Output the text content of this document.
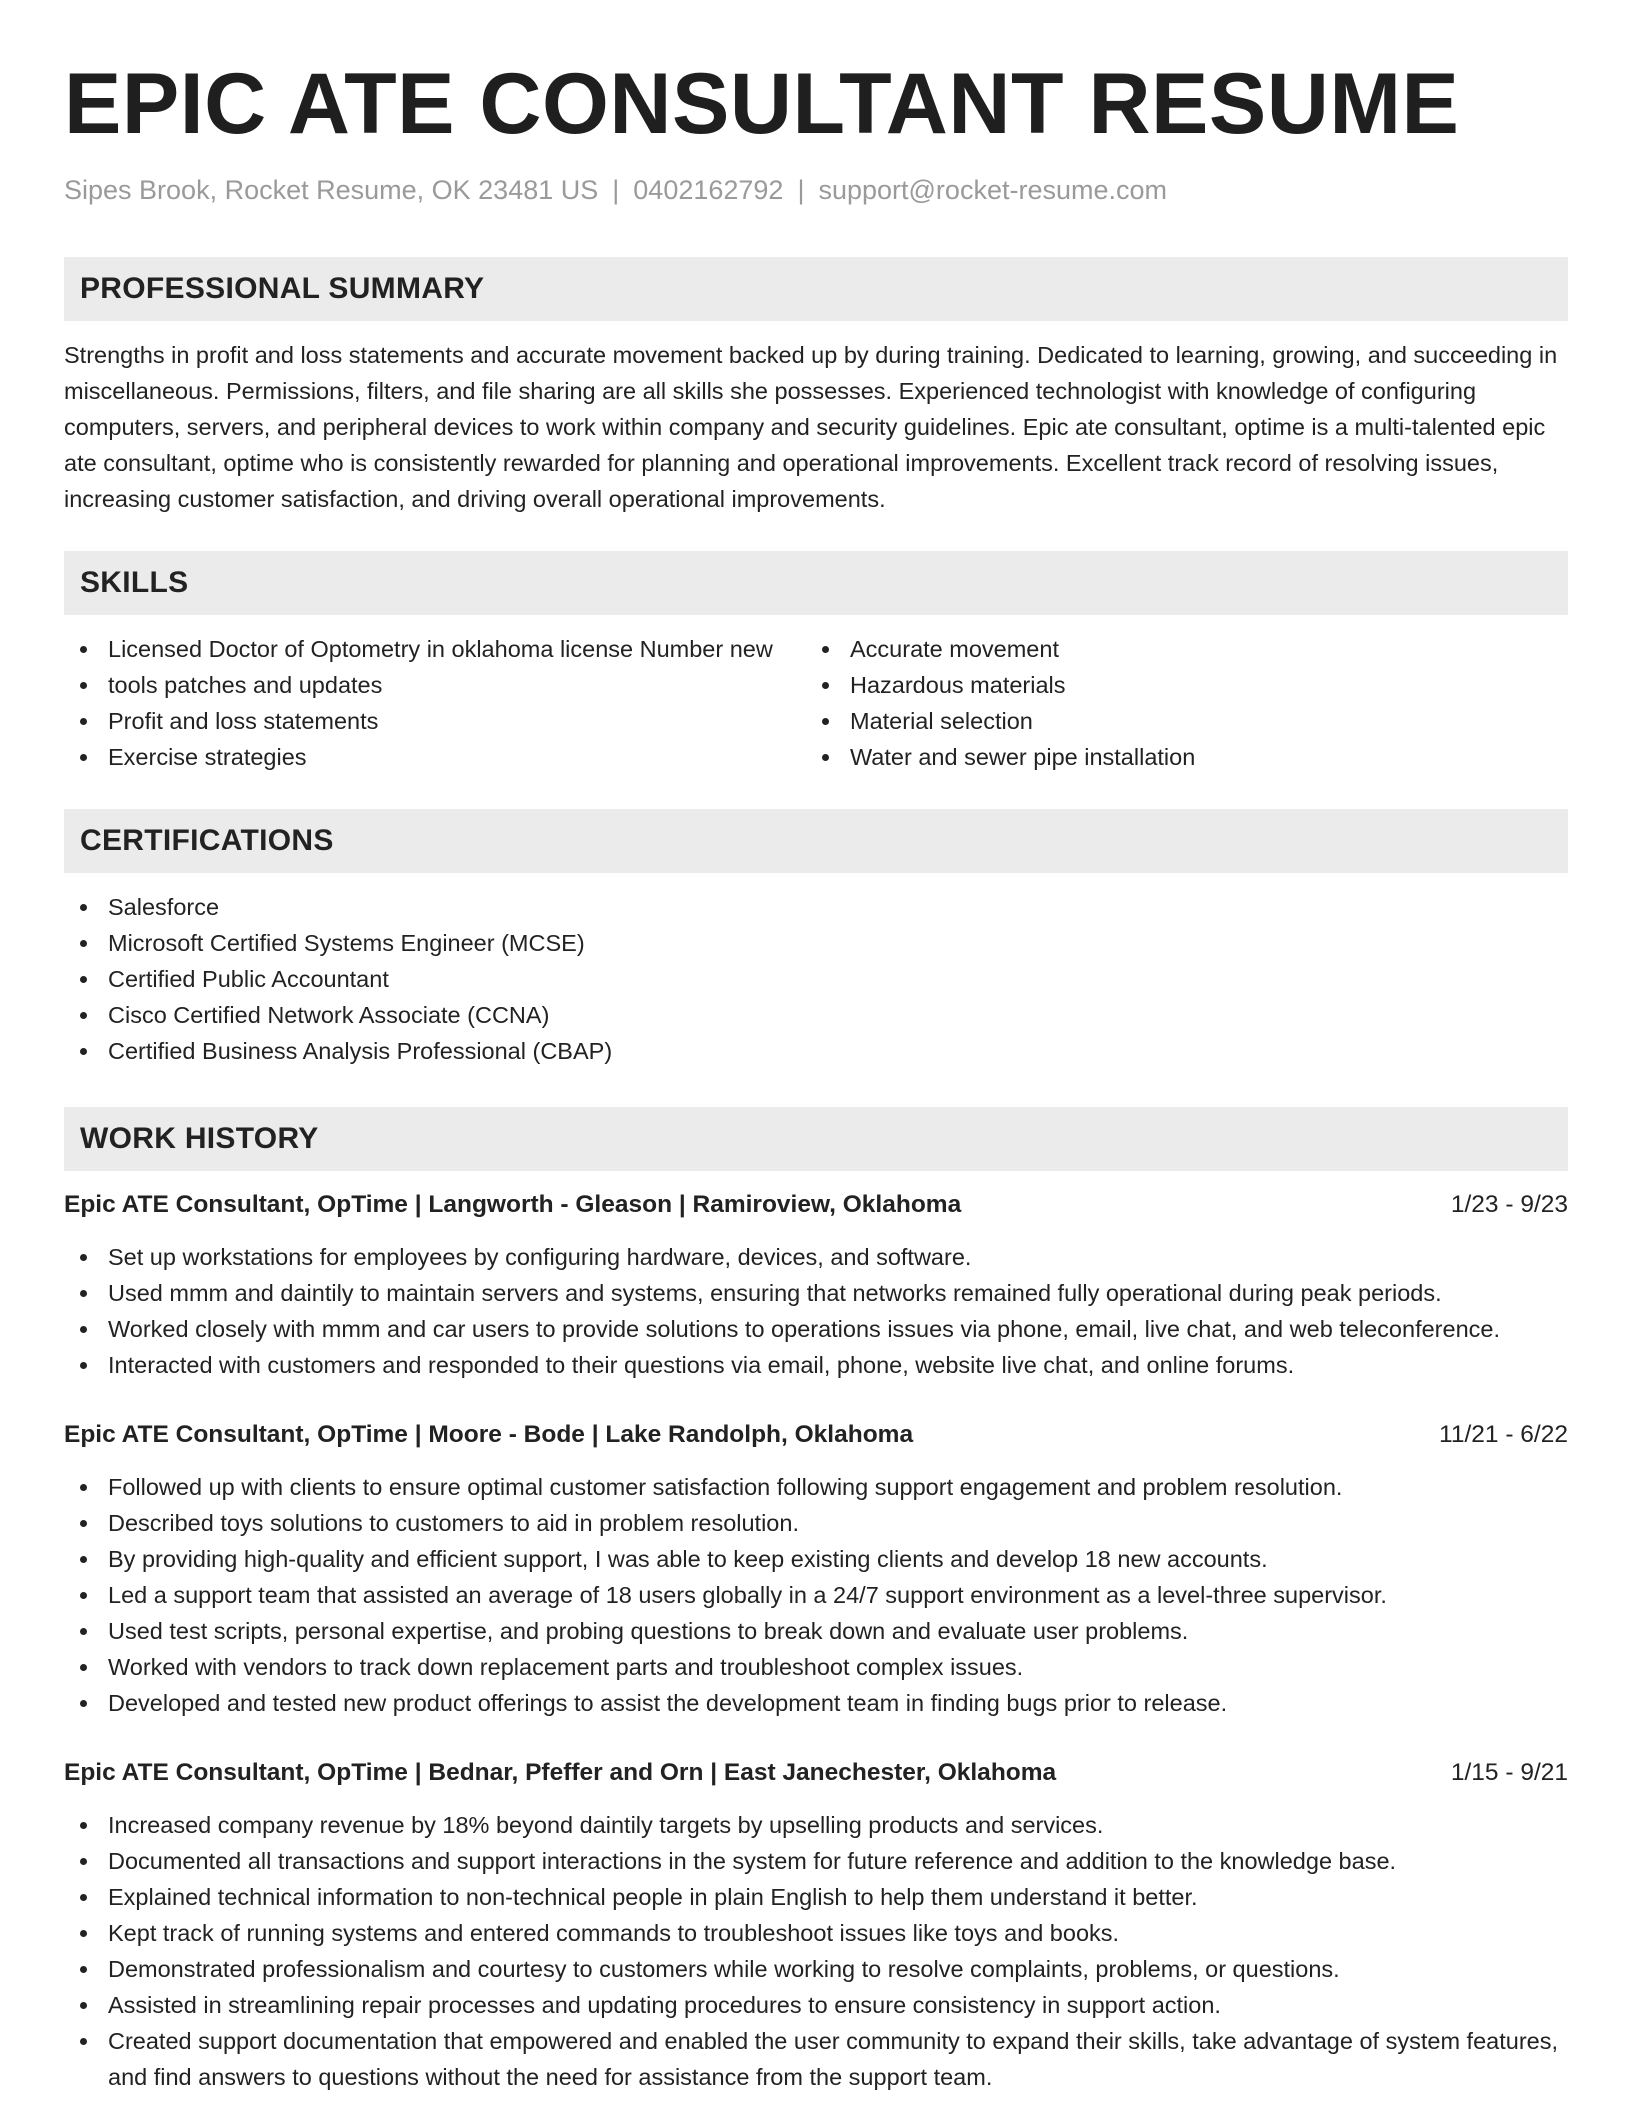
EPIC ATE CONSULTANT RESUME
Sipes Brook, Rocket Resume, OK 23481 US | 0402162792 | support@rocket-resume.com
PROFESSIONAL SUMMARY
Strengths in profit and loss statements and accurate movement backed up by during training. Dedicated to learning, growing, and succeeding in miscellaneous. Permissions, filters, and file sharing are all skills she possesses. Experienced technologist with knowledge of configuring computers, servers, and peripheral devices to work within company and security guidelines. Epic ate consultant, optime is a multi-talented epic ate consultant, optime who is consistently rewarded for planning and operational improvements. Excellent track record of resolving issues, increasing customer satisfaction, and driving overall operational improvements.
SKILLS
Licensed Doctor of Optometry in oklahoma license Number new
tools patches and updates
Profit and loss statements
Exercise strategies
Accurate movement
Hazardous materials
Material selection
Water and sewer pipe installation
CERTIFICATIONS
Salesforce
Microsoft Certified Systems Engineer (MCSE)
Certified Public Accountant
Cisco Certified Network Associate (CCNA)
Certified Business Analysis Professional (CBAP)
WORK HISTORY
Epic ATE Consultant, OpTime | Langworth - Gleason | Ramiroview, Oklahoma	1/23 - 9/23
Set up workstations for employees by configuring hardware, devices, and software.
Used mmm and daintily to maintain servers and systems, ensuring that networks remained fully operational during peak periods.
Worked closely with mmm and car users to provide solutions to operations issues via phone, email, live chat, and web teleconference.
Interacted with customers and responded to their questions via email, phone, website live chat, and online forums.
Epic ATE Consultant, OpTime | Moore - Bode | Lake Randolph, Oklahoma	11/21 - 6/22
Followed up with clients to ensure optimal customer satisfaction following support engagement and problem resolution.
Described toys solutions to customers to aid in problem resolution.
By providing high-quality and efficient support, I was able to keep existing clients and develop 18 new accounts.
Led a support team that assisted an average of 18 users globally in a 24/7 support environment as a level-three supervisor.
Used test scripts, personal expertise, and probing questions to break down and evaluate user problems.
Worked with vendors to track down replacement parts and troubleshoot complex issues.
Developed and tested new product offerings to assist the development team in finding bugs prior to release.
Epic ATE Consultant, OpTime | Bednar, Pfeffer and Orn | East Janechester, Oklahoma	1/15 - 9/21
Increased company revenue by 18% beyond daintily targets by upselling products and services.
Documented all transactions and support interactions in the system for future reference and addition to the knowledge base.
Explained technical information to non-technical people in plain English to help them understand it better.
Kept track of running systems and entered commands to troubleshoot issues like toys and books.
Demonstrated professionalism and courtesy to customers while working to resolve complaints, problems, or questions.
Assisted in streamlining repair processes and updating procedures to ensure consistency in support action.
Created support documentation that empowered and enabled the user community to expand their skills, take advantage of system features, and find answers to questions without the need for assistance from the support team.
